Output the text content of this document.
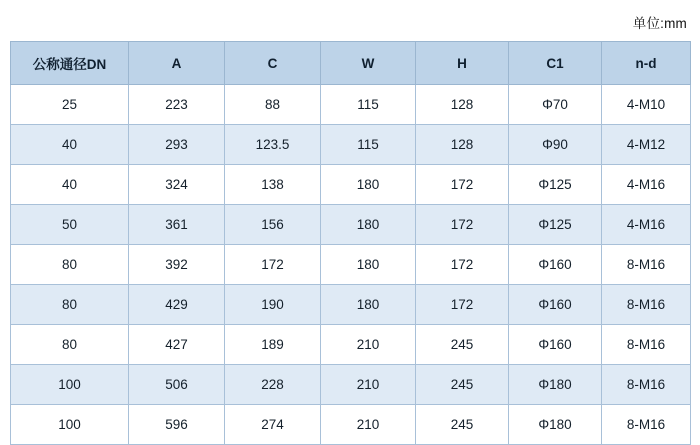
单位:mm
公称通径DN	A	C	W	H	C1	n-d
25	223	88	115	128	Φ70	4-M10
40	293	123.5	115	128	Φ90	4-M12
40	324	138	180	172	Φ125	4-M16
50	361	156	180	172	Φ125	4-M16
80	392	172	180	172	Φ160	8-M16
80	429	190	180	172	Φ160	8-M16
80	427	189	210	245	Φ160	8-M16
100	506	228	210	245	Φ180	8-M16
100	596	274	210	245	Φ180	8-M16
